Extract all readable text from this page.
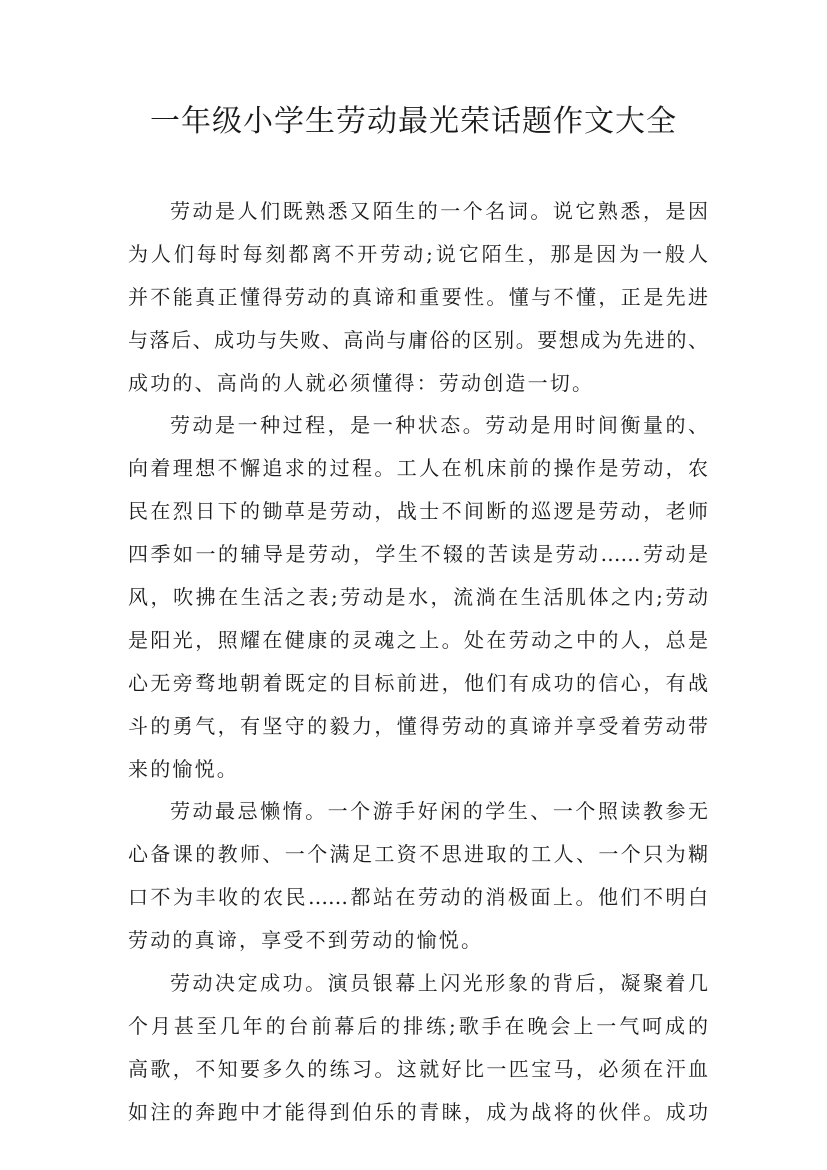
一年级小学生劳动最光荣话题作文大全
劳动是人们既熟悉又陌生的一个名词。说它熟悉，是因
为人们每时每刻都离不开劳动;说它陌生，那是因为一般人
并不能真正懂得劳动的真谛和重要性。懂与不懂，正是先进
与落后、成功与失败、高尚与庸俗的区别。要想成为先进的、
成功的、高尚的人就必须懂得：劳动创造一切。
劳动是一种过程，是一种状态。劳动是用时间衡量的、
向着理想不懈追求的过程。工人在机床前的操作是劳动，农
民在烈日下的锄草是劳动，战士不间断的巡逻是劳动，老师
四季如一的辅导是劳动，学生不辍的苦读是劳动……劳动是
风，吹拂在生活之表;劳动是水，流淌在生活肌体之内;劳动
是阳光，照耀在健康的灵魂之上。处在劳动之中的人，总是
心无旁骛地朝着既定的目标前进，他们有成功的信心，有战
斗的勇气，有坚守的毅力，懂得劳动的真谛并享受着劳动带
来的愉悦。
劳动最忌懒惰。一个游手好闲的学生、一个照读教参无
心备课的教师、一个满足工资不思进取的工人、一个只为糊
口不为丰收的农民……都站在劳动的消极面上。他们不明白
劳动的真谛，享受不到劳动的愉悦。
劳动决定成功。演员银幕上闪光形象的背后，凝聚着几
个月甚至几年的台前幕后的排练;歌手在晚会上一气呵成的
高歌，不知要多久的练习。这就好比一匹宝马，必须在汗血
如注的奔跑中才能得到伯乐的青睐，成为战将的伙伴。成功
